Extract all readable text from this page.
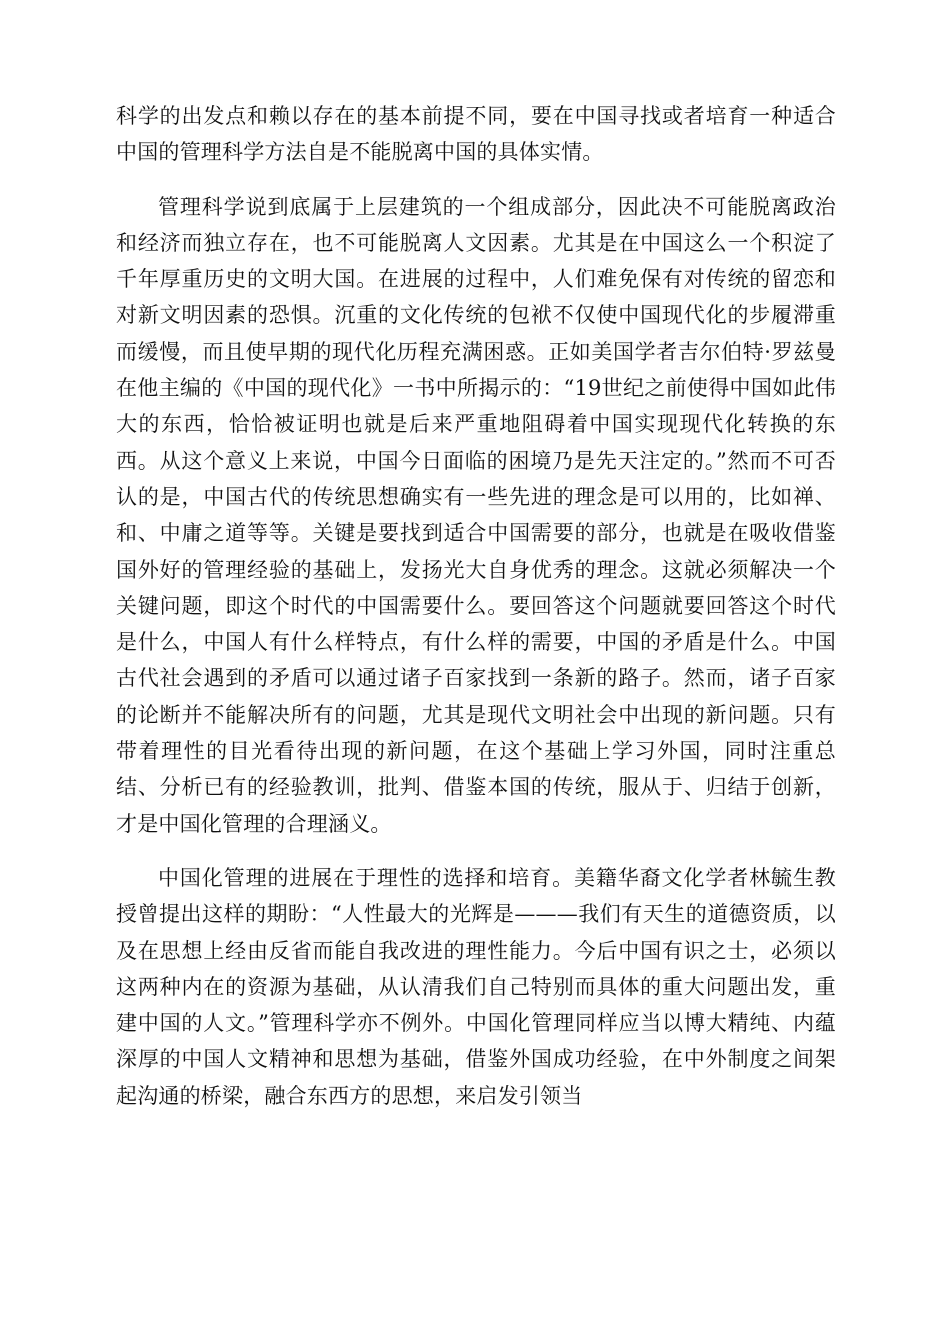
科学的出发点和赖以存在的基本前提不同，要在中国寻找或者培育一种适合中国的管理科学方法自是不能脱离中国的具体实情。

管理科学说到底属于上层建筑的一个组成部分，因此决不可能脱离政治和经济而独立存在，也不可能脱离人文因素。尤其是在中国这么一个积淀了千年厚重历史的文明大国。在进展的过程中，人们难免保有对传统的留恋和对新文明因素的恐惧。沉重的文化传统的包袱不仅使中国现代化的步履滞重而缓慢，而且使早期的现代化历程充满困惑。正如美国学者吉尔伯特·罗兹曼在他主编的《中国的现代化》一书中所揭示的：“19世纪之前使得中国如此伟大的东西，恰恰被证明也就是后来严重地阻碍着中国实现现代化转换的东西。从这个意义上来说，中国今日面临的困境乃是先天注定的。”然而不可否认的是，中国古代的传统思想确实有一些先进的理念是可以用的，比如禅、和、中庸之道等等。关键是要找到适合中国需要的部分，也就是在吸收借鉴国外好的管理经验的基础上，发扬光大自身优秀的理念。这就必须解决一个关键问题，即这个时代的中国需要什么。要回答这个问题就要回答这个时代是什么，中国人有什么样特点，有什么样的需要，中国的矛盾是什么。中国古代社会遇到的矛盾可以通过诸子百家找到一条新的路子。然而，诸子百家的论断并不能解决所有的问题，尤其是现代文明社会中出现的新问题。只有带着理性的目光看待出现的新问题，在这个基础上学习外国，同时注重总结、分析已有的经验教训，批判、借鉴本国的传统，服从于、归结于创新，才是中国化管理的合理涵义。

中国化管理的进展在于理性的选择和培育。美籍华裔文化学者林毓生教授曾提出这样的期盼：“人性最大的光辉是———我们有天生的道德资质，以及在思想上经由反省而能自我改进的理性能力。今后中国有识之士，必须以这两种内在的资源为基础，从认清我们自己特别而具体的重大问题出发，重建中国的人文。”管理科学亦不例外。中国化管理同样应当以博大精纯、内蕴深厚的中国人文精神和思想为基础，借鉴外国成功经验，在中外制度之间架起沟通的桥梁，融合东西方的思想，来启发引领当
